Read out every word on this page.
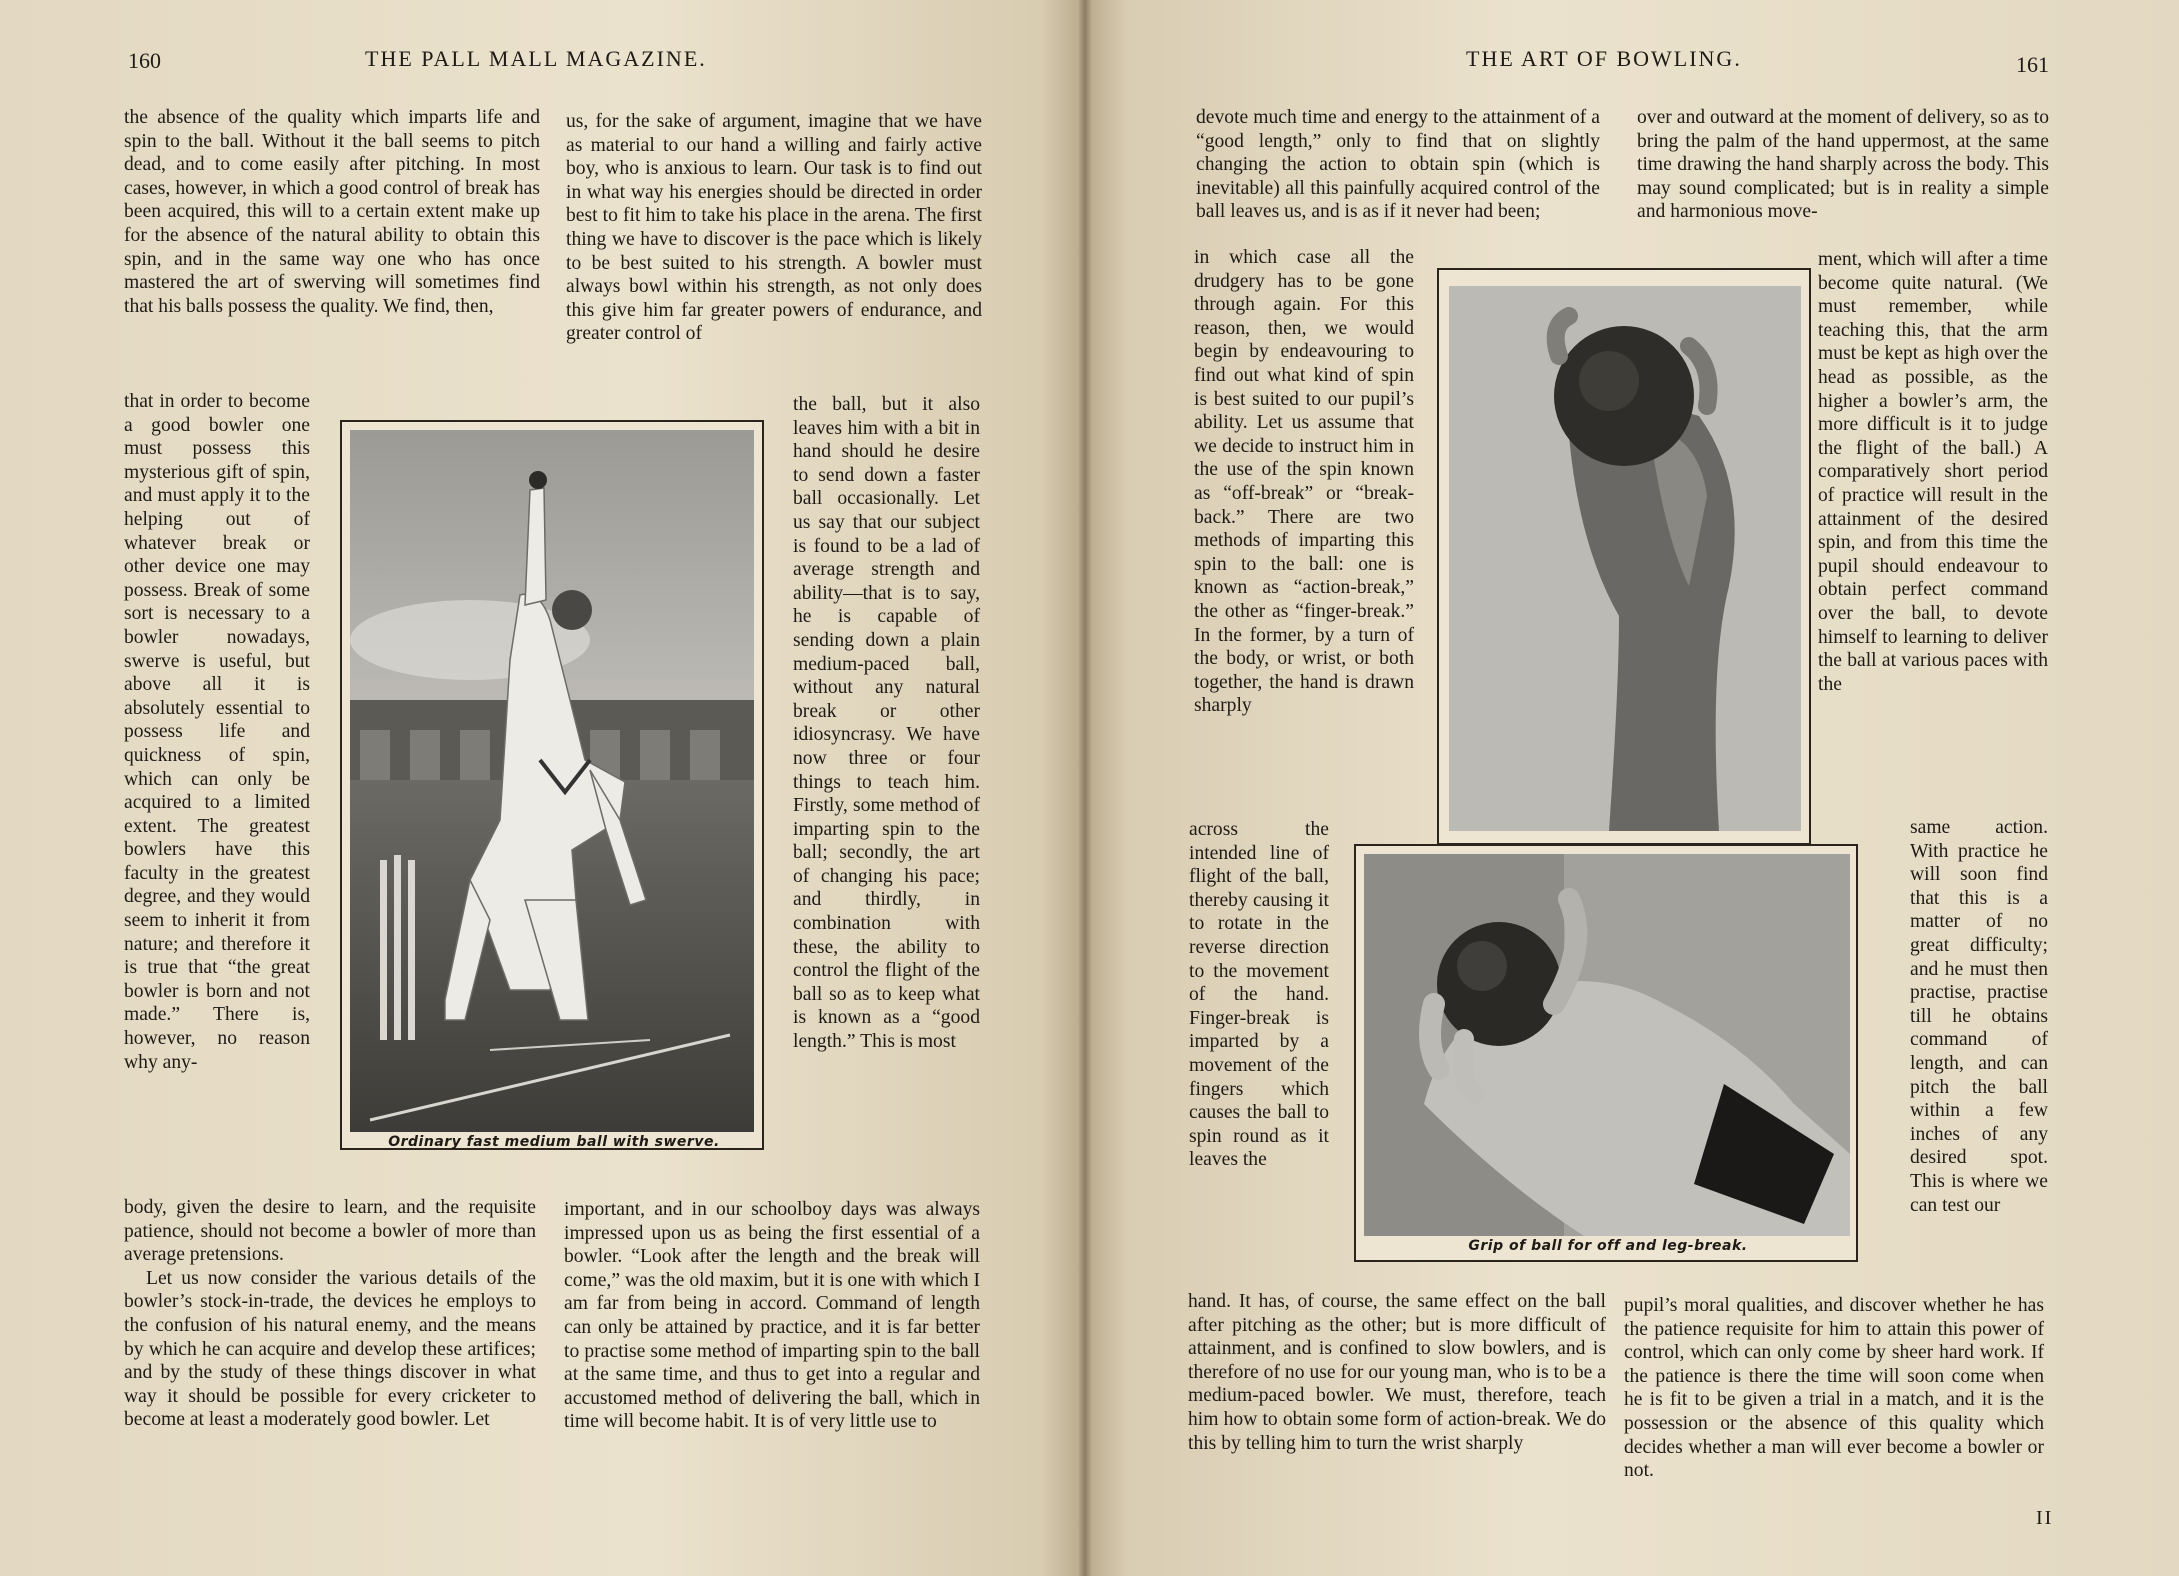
160	THE PALL MALL MAGAZINE.
the absence of the quality which imparts life and spin to the ball. Without it the ball seems to pitch dead, and to come easily after pitching. In most cases, however, in which a good control of break has been acquired, this will to a certain extent make up for the absence of the natural ability to obtain this spin, and in the same way one who has once mastered the art of swerving will sometimes find that his balls possess the quality. We find, then,
that in order to become a good bowler one must possess this mysterious gift of spin, and must apply it to the helping out of whatever break or other device one may possess. Break of some sort is necessary to a bowler nowadays, swerve is useful, but above all it is absolutely essential to possess life and quickness of spin, which can only be acquired to a limited extent. The greatest bowlers have this faculty in the greatest degree, and they would seem to inherit it from nature; and therefore it is true that “the great bowler is born and not made.” There is, however, no reason why any-

body, given the desire to learn, and the requisite patience, should not become a bowler of more than average pretensions.

Let us now consider the various details of the bowler’s stock-in-trade, the devices he employs to the confusion of his natural enemy, and the means by which he can acquire and develop these artifices; and by the study of these things discover in what way it should be possible for every cricketer to become at least a moderately good bowler. Let

us, for the sake of argument, imagine that we have as material to our hand a willing and fairly active boy, who is anxious to learn. Our task is to find out in what way his energies should be directed in order best to fit him to take his place in the arena. The first thing we have to discover is the pace which is likely to be best suited to his strength. A bowler must always bowl within his strength, as not only does this give him far greater powers of endurance, and greater control of
the ball, but it also leaves him with a bit in hand should he desire to send down a faster ball occasionally. Let us say that our subject is found to be a lad of average strength and ability—that is to say, he is capable of sending down a plain medium-paced ball, without any natural break or other idiosyncrasy. We have now three or four things to teach him. Firstly, some method of imparting spin to the ball; secondly, the art of changing his pace; and thirdly, in combination with these, the ability to control the flight of the ball so as to keep what is known as a “good length.” This is most
important, and in our schoolboy days was always impressed upon us as being the first essential of a bowler. “Look after the length and the break will come,” was the old maxim, but it is one with which I am far from being in accord. Command of length can only be attained by practice, and it is far better to practise some method of imparting spin to the ball at the same time, and thus to get into a regular and accustomed method of delivering the ball, which in time will become habit. It is of very little use to
Ordinary fast medium ball with swerve.
THE ART OF BOWLING.	161
devote much time and energy to the attainment of a “good length,” only to find that on slightly changing the action to obtain spin (which is inevitable) all this painfully acquired control of the ball leaves us, and is as if it never had been;
in which case all the drudgery has to be gone through again. For this reason, then, we would begin by endeavouring to find out what kind of spin is best suited to our pupil’s ability. Let us assume that we decide to instruct him in the use of the spin known as “off-break” or “break-back.” There are two methods of imparting this spin to the ball: one is known as “action-break,” the other as “finger-break.” In the former, by a turn of the body, or wrist, or both together, the hand is drawn sharply
across the intended line of flight of the ball, thereby causing it to rotate in the reverse direction to the movement of the hand. Finger-break is imparted by a movement of the fingers which causes the ball to spin round as it leaves the
hand. It has, of course, the same effect on the ball after pitching as the other; but is more difficult of attainment, and is confined to slow bowlers, and is therefore of no use for our young man, who is to be a medium-paced bowler. We must, therefore, teach him how to obtain some form of action-break. We do this by telling him to turn the wrist sharply
over and outward at the moment of delivery, so as to bring the palm of the hand uppermost, at the same time drawing the hand sharply across the body. This may sound complicated; but is in reality a simple and harmonious move-
ment, which will after a time become quite natural. (We must remember, while teaching this, that the arm must be kept as high over the head as possible, as the higher a bowler’s arm, the more difficult is it to judge the flight of the ball.) A comparatively short period of practice will result in the attainment of the desired spin, and from this time the pupil should endeavour to obtain perfect command over the ball, to devote himself to learning to deliver the ball at various paces with the
same action. With practice he will soon find that this is a matter of no great difficulty; and he must then practise, practise till he obtains command of length, and can pitch the ball within a few inches of any desired spot. This is where we can test our
pupil’s moral qualities, and discover whether he has the patience requisite for him to attain this power of control, which can only come by sheer hard work. If the patience is there the time will soon come when he is fit to be given a trial in a match, and it is the possession or the absence of this quality which decides whether a man will ever become a bowler or not.
Grip of ball for off and leg-break.
II
